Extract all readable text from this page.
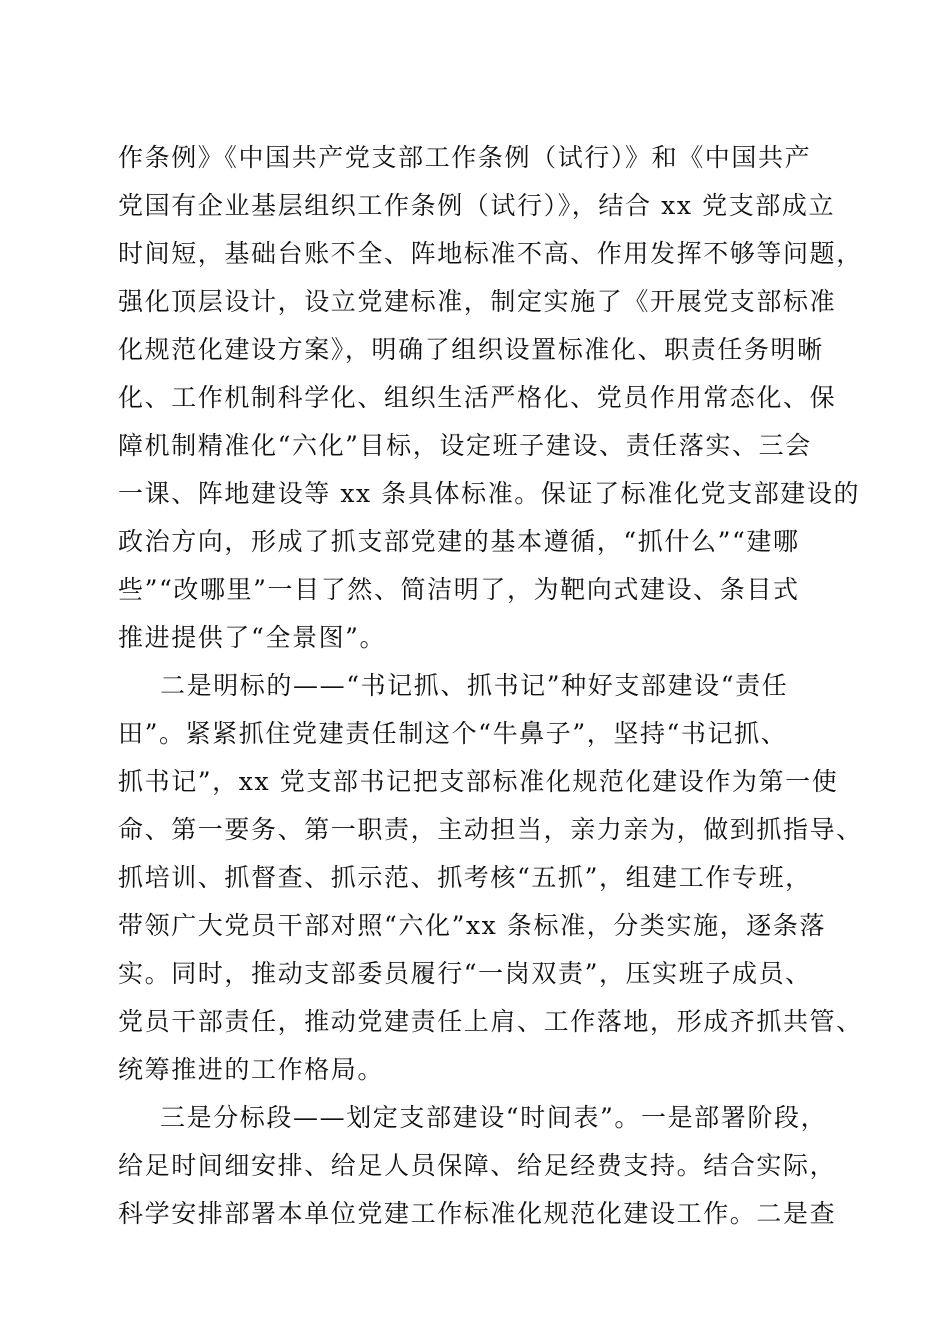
作条例》《中国共产党支部工作条例（试行）》和《中国共产
党国有企业基层组织工作条例（试行）》，结合 xx 党支部成立
时间短，基础台账不全、阵地标准不高、作用发挥不够等问题，
强化顶层设计，设立党建标准，制定实施了《开展党支部标准
化规范化建设方案》，明确了组织设置标准化、职责任务明晰
化、工作机制科学化、组织生活严格化、党员作用常态化、保
障机制精准化“六化”目标，设定班子建设、责任落实、三会
一课、阵地建设等 xx 条具体标准。保证了标准化党支部建设的
政治方向，形成了抓支部党建的基本遵循，“抓什么”“建哪
些”“改哪里”一目了然、简洁明了，为靶向式建设、条目式
推进提供了“全景图”。
二是明标的——“书记抓、抓书记”种好支部建设“责任
田”。紧紧抓住党建责任制这个“牛鼻子”，坚持“书记抓、
抓书记”，xx 党支部书记把支部标准化规范化建设作为第一使
命、第一要务、第一职责，主动担当，亲力亲为，做到抓指导、
抓培训、抓督查、抓示范、抓考核“五抓”，组建工作专班，
带领广大党员干部对照“六化”xx 条标准，分类实施，逐条落
实。同时，推动支部委员履行“一岗双责”，压实班子成员、
党员干部责任，推动党建责任上肩、工作落地，形成齐抓共管、
统筹推进的工作格局。
三是分标段——划定支部建设“时间表”。一是部署阶段，
给足时间细安排、给足人员保障、给足经费支持。结合实际，
科学安排部署本单位党建工作标准化规范化建设工作。二是查
